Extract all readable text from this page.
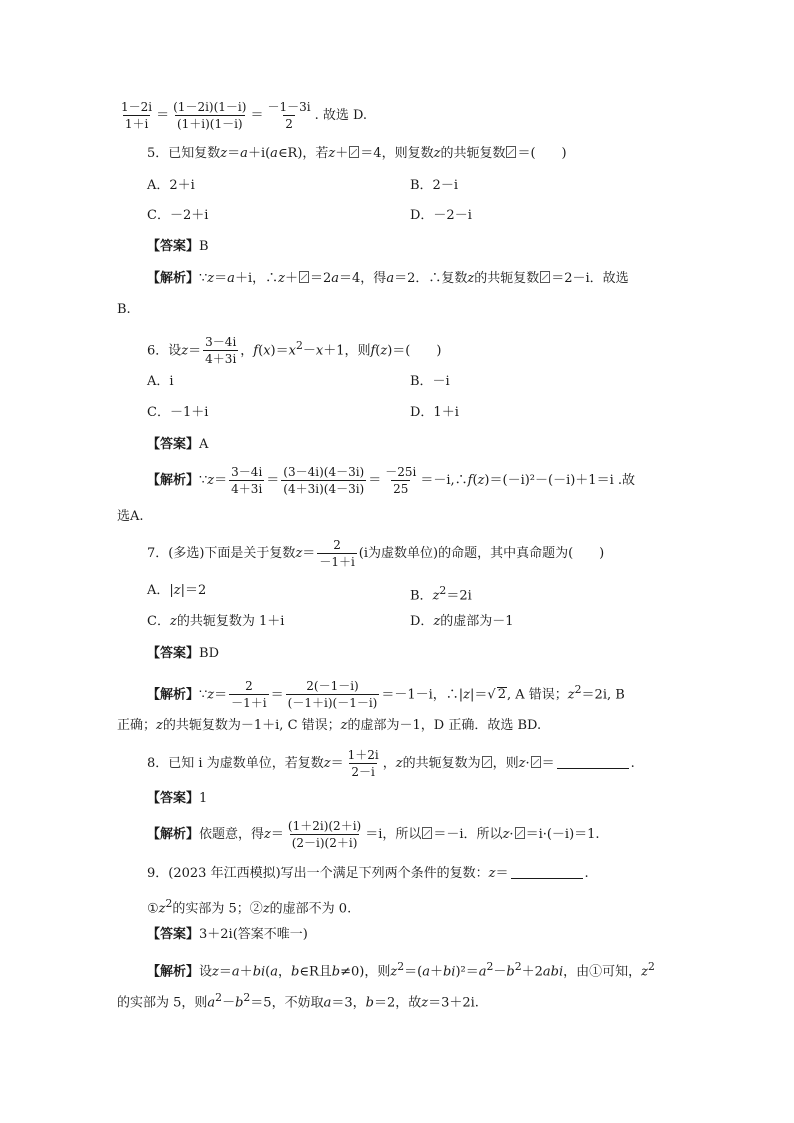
$\frac{1-2i}{1+i} = \frac{(1-2i)(1-i)}{(1+i)(1-i)} = \frac{-1-3i}{2}$ . 故选 D.
5．已知复数z＝a＋i(a∈R)，若z＋ ＝4，则复数z的共轭复数 ＝(　　)
A．2＋i	B．2－i
C．－2＋i	D．－2－i
【答案】B
【解析】∵z＝a＋i，∴z＋ ＝2a＝4，得a＝2．∴复数z的共轭复数 ＝2－i．故选
B.
6．设$z= \frac{3-4i}{4+3i}$ ，$f(x)=x^2-x+1$，则f(z)＝(　　)
A．i	B．－i
C．－1＋i	D．1＋i
【答案】A
【解析】∵z＝ $\frac{3-4i}{4+3i} = \frac{(3-4i)(4-3i)}{(4+3i)(4-3i)} = \frac{-25i}{25}$ ＝－i,∴f(z)＝(－i)²－(－i)＋1＝i .故
选A.
7．(多选)下面是关于复数$z= \frac{2}{-1+i} (i$为虚数单位)的命题，其中真命题为(　　)
A．|z|＝2	B．$z^2=2i$
C．z的共轭复数为 1＋i	D．z的虚部为－1
【答案】BD
【解析】∵z＝ $\frac{2}{-1+i} = \frac{2(-1-i)}{(-1+i)(-1-i)} =-1-i$，∴|z|＝√ 2, A 错误；$z^2=2i$, B
正确；z的共轭复数为－1＋i, C 错误；z的虚部为－1，D 正确．故选 BD.
8．已知 i 为虚数单位，若复数$z= \frac{1+2i}{2-i}$ ，z的共轭复数为 ，则z· ＝	.
【答案】1
【解析】依题意，得$z= \frac{(1+2i)(2+i)}{(2-i)(2+i)} =i$，所以 ＝－i．所以z· ＝i·(－i)＝1.
9．(2023 年江西模拟)写出一个满足下列两个条件的复数：z＝	.
$①z^2$的实部为 5；②z的虚部不为 0.
【答案】3＋2i(答案不唯一)
【解析】设z＝a＋bi(a，b∈R且b≠0)，则$z^2=(a+bi)^2=a^2-b^2+2abi$，由①可知，$z^2$
的实部为 5，则$a^2-b^2=5$，不妨取a＝3，b＝2，故z＝3＋2i.
